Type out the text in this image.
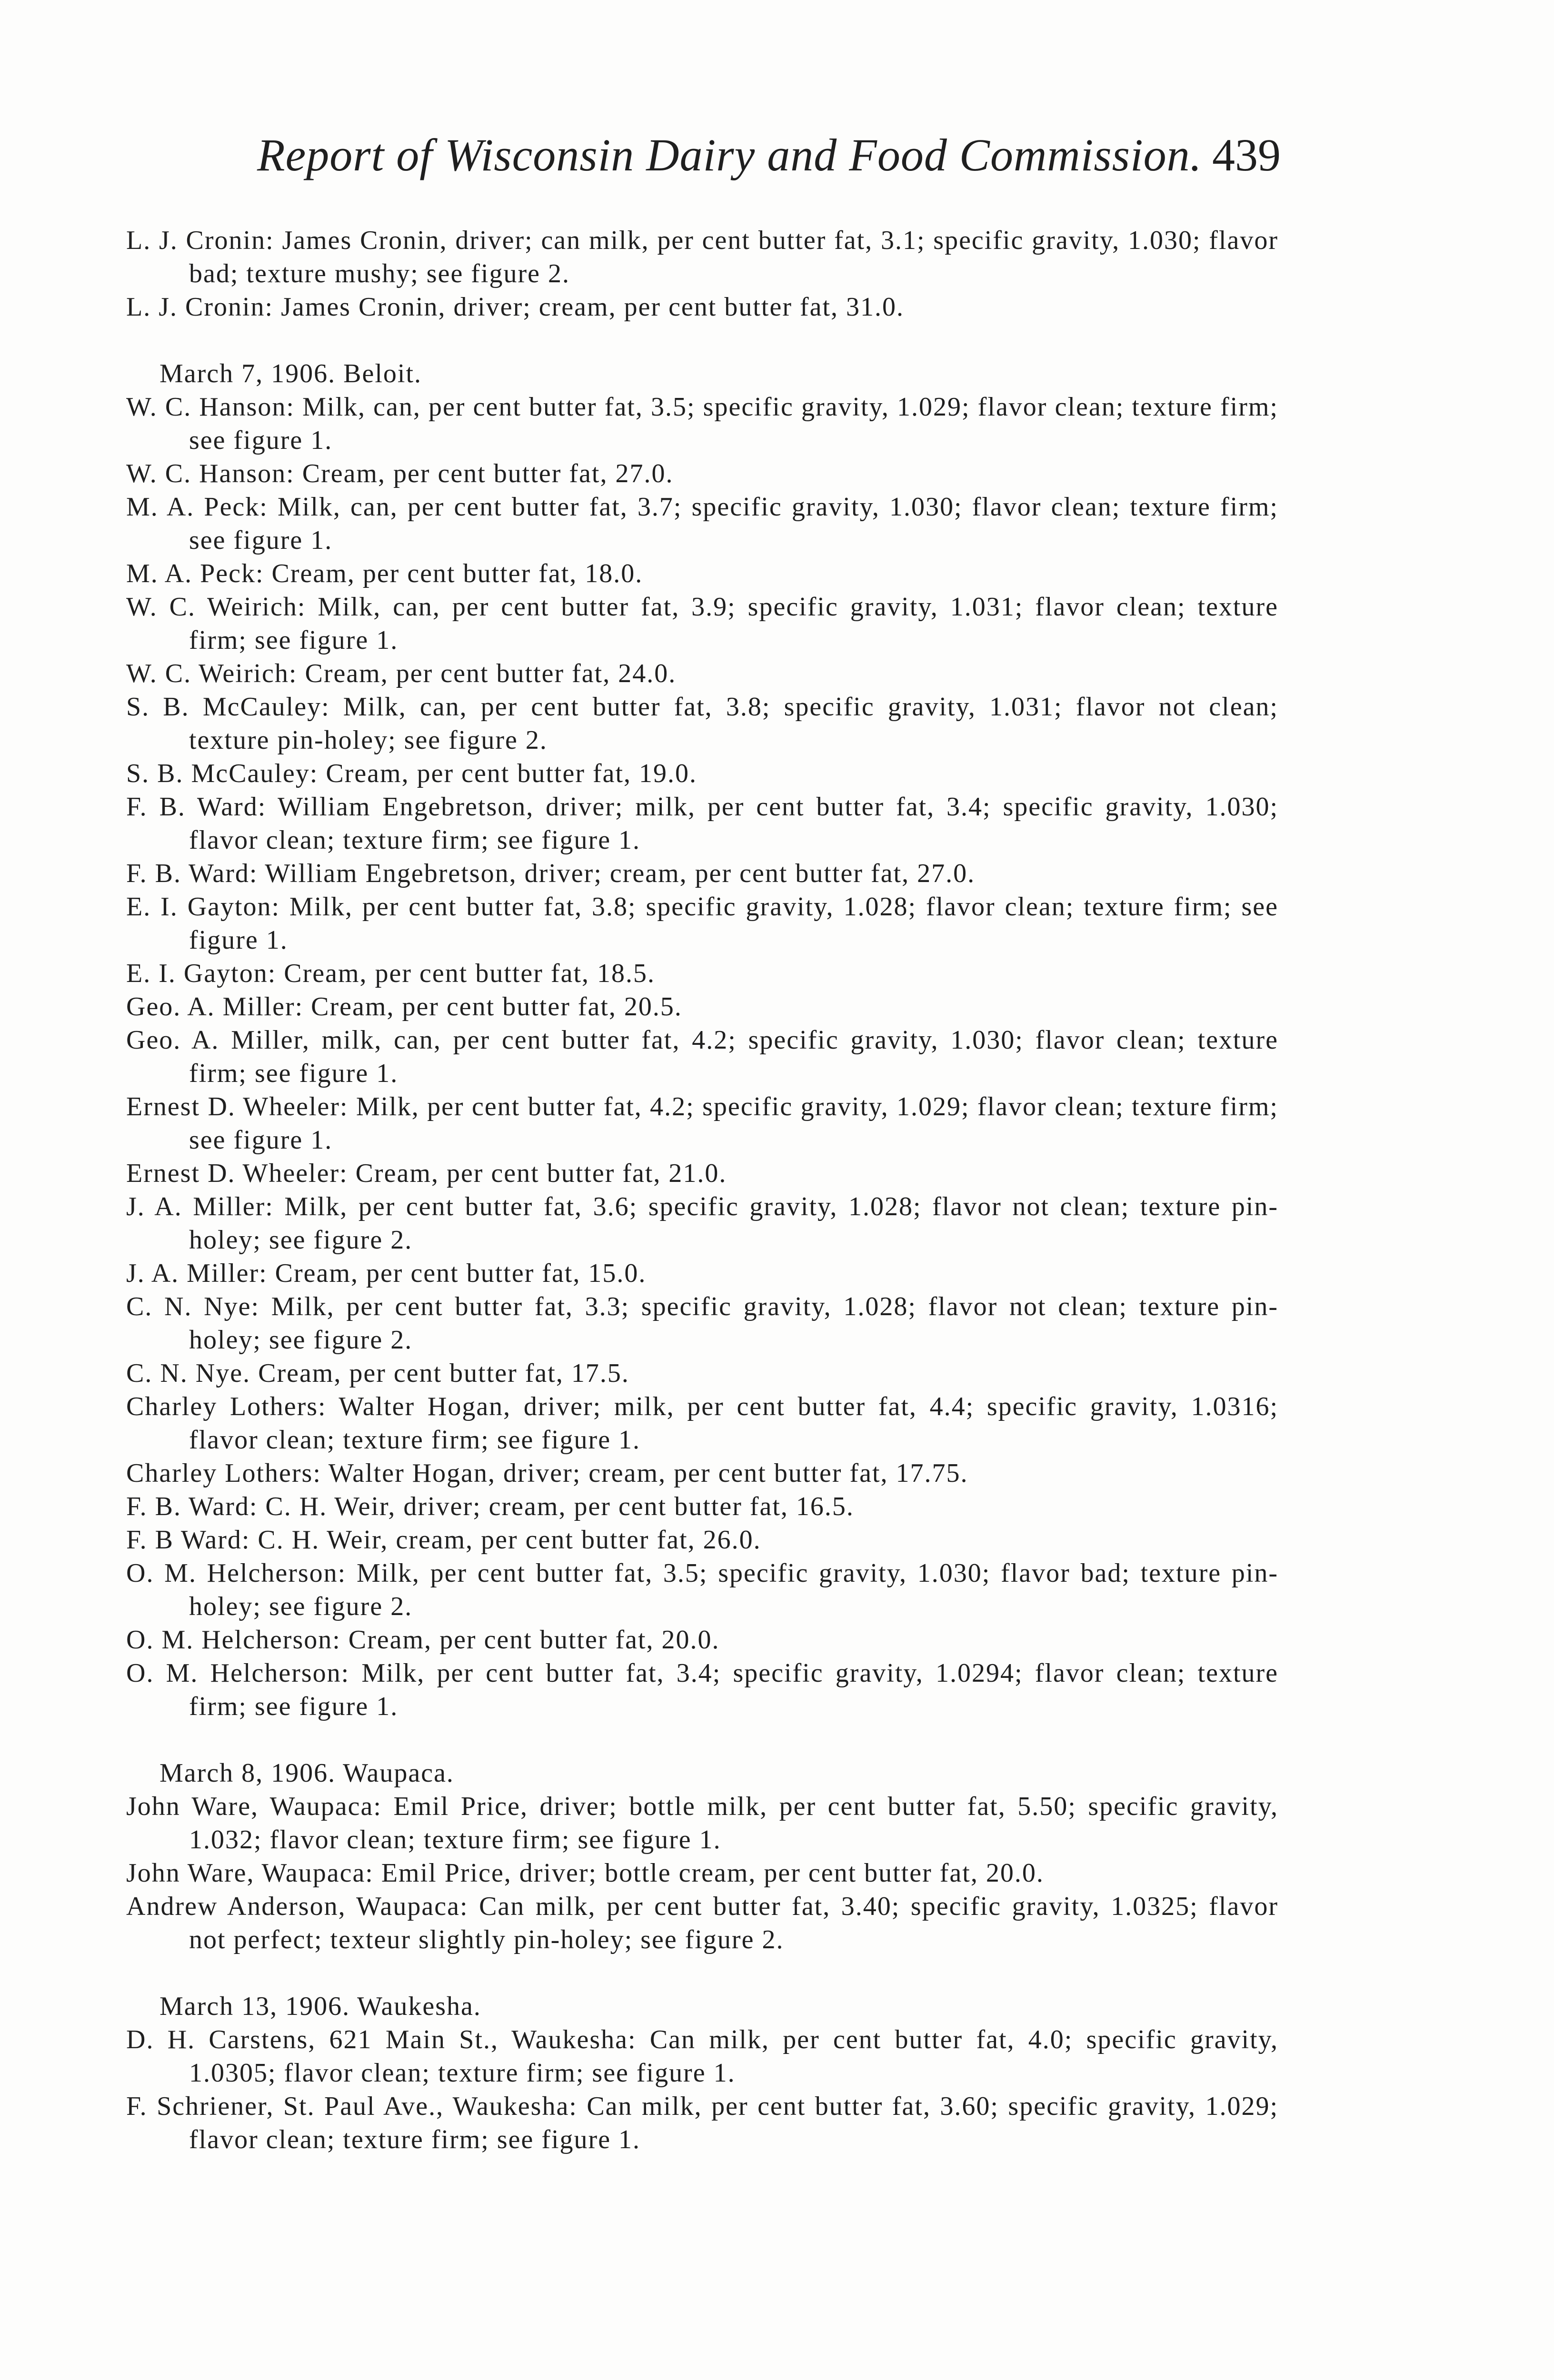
Report of Wisconsin Dairy and Food Commission. 439

L. J. Cronin: James Cronin, driver; can milk, per cent butter fat, 3.1; specific gravity, 1.030; flavor bad; texture mushy; see figure 2.

L. J. Cronin: James Cronin, driver; cream, per cent butter fat, 31.0.

March 7, 1906. Beloit.

W. C. Hanson: Milk, can, per cent butter fat, 3.5; specific gravity, 1.029; flavor clean; texture firm; see figure 1.

W. C. Hanson: Cream, per cent butter fat, 27.0.

M. A. Peck: Milk, can, per cent butter fat, 3.7; specific gravity, 1.030; flavor clean; texture firm; see figure 1.

M. A. Peck: Cream, per cent butter fat, 18.0.

W. C. Weirich: Milk, can, per cent butter fat, 3.9; specific gravity, 1.031; flavor clean; texture firm; see figure 1.

W. C. Weirich: Cream, per cent butter fat, 24.0.

S. B. McCauley: Milk, can, per cent butter fat, 3.8; specific gravity, 1.031; flavor not clean; texture pin-holey; see figure 2.

S. B. McCauley: Cream, per cent butter fat, 19.0.

F. B. Ward: William Engebretson, driver; milk, per cent butter fat, 3.4; specific gravity, 1.030; flavor clean; texture firm; see figure 1.

F. B. Ward: William Engebretson, driver; cream, per cent butter fat, 27.0.

E. I. Gayton: Milk, per cent butter fat, 3.8; specific gravity, 1.028; flavor clean; texture firm; see figure 1.

E. I. Gayton: Cream, per cent butter fat, 18.5.

Geo. A. Miller: Cream, per cent butter fat, 20.5.

Geo. A. Miller, milk, can, per cent butter fat, 4.2; specific gravity, 1.030; flavor clean; texture firm; see figure 1.

Ernest D. Wheeler: Milk, per cent butter fat, 4.2; specific gravity, 1.029; flavor clean; texture firm; see figure 1.

Ernest D. Wheeler: Cream, per cent butter fat, 21.0.

J. A. Miller: Milk, per cent butter fat, 3.6; specific gravity, 1.028; flavor not clean; texture pin-holey; see figure 2.

J. A. Miller: Cream, per cent butter fat, 15.0.

C. N. Nye: Milk, per cent butter fat, 3.3; specific gravity, 1.028; flavor not clean; texture pin-holey; see figure 2.

C. N. Nye. Cream, per cent butter fat, 17.5.

Charley Lothers: Walter Hogan, driver; milk, per cent butter fat, 4.4; specific gravity, 1.0316; flavor clean; texture firm; see figure 1.

Charley Lothers: Walter Hogan, driver; cream, per cent butter fat, 17.75.

F. B. Ward: C. H. Weir, driver; cream, per cent butter fat, 16.5.

F. B Ward: C. H. Weir, cream, per cent butter fat, 26.0.

O. M. Helcherson: Milk, per cent butter fat, 3.5; specific gravity, 1.030; flavor bad; texture pin-holey; see figure 2.

O. M. Helcherson: Cream, per cent butter fat, 20.0.

O. M. Helcherson: Milk, per cent butter fat, 3.4; specific gravity, 1.0294; flavor clean; texture firm; see figure 1.

March 8, 1906. Waupaca.

John Ware, Waupaca: Emil Price, driver; bottle milk, per cent butter fat, 5.50; specific gravity, 1.032; flavor clean; texture firm; see figure 1.

John Ware, Waupaca: Emil Price, driver; bottle cream, per cent butter fat, 20.0.

Andrew Anderson, Waupaca: Can milk, per cent butter fat, 3.40; specific gravity, 1.0325; flavor not perfect; texteur slightly pin-holey; see figure 2.

March 13, 1906. Waukesha.

D. H. Carstens, 621 Main St., Waukesha: Can milk, per cent butter fat, 4.0; specific gravity, 1.0305; flavor clean; texture firm; see figure 1.

F. Schriener, St. Paul Ave., Waukesha: Can milk, per cent butter fat, 3.60; specific gravity, 1.029; flavor clean; texture firm; see figure 1.
